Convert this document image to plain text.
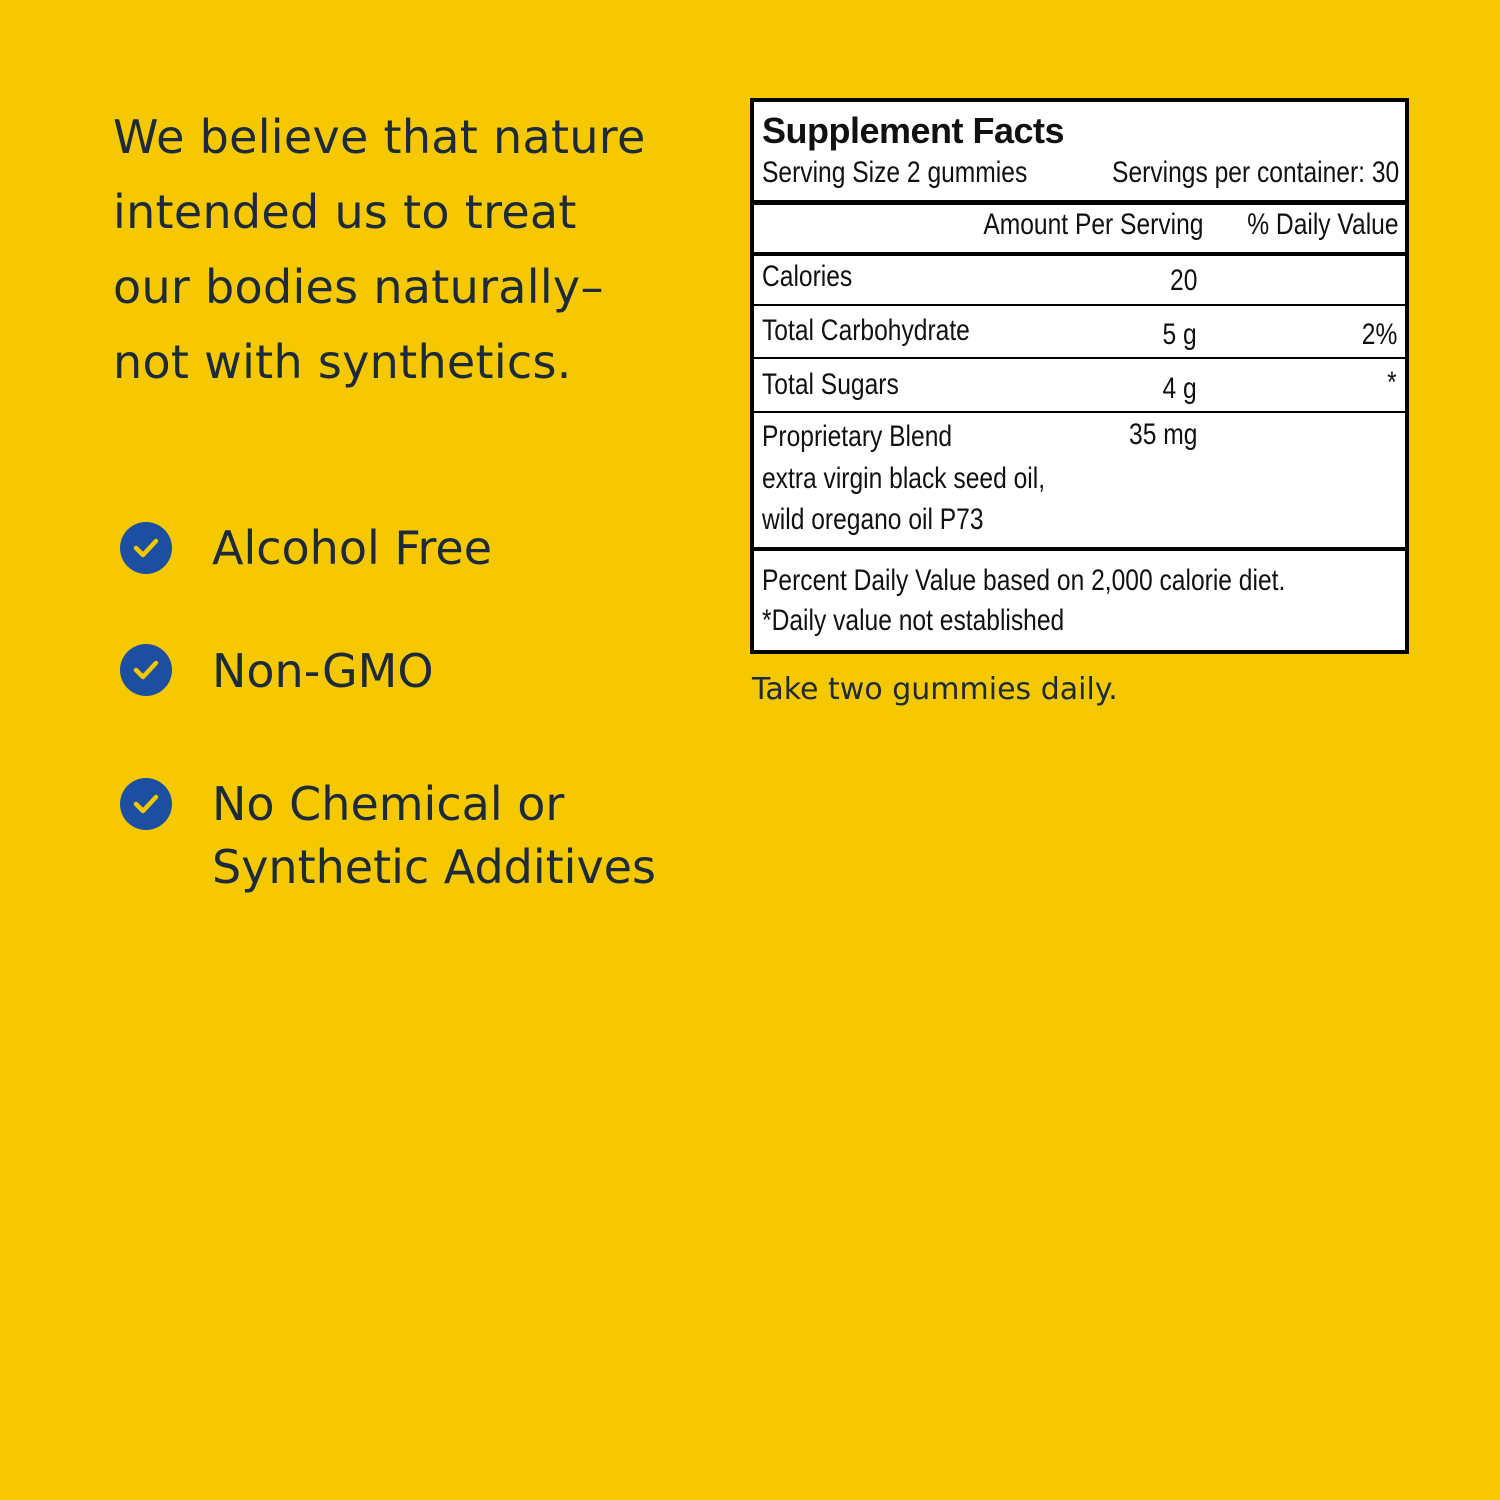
We believe that nature
intended us to treat
our bodies naturally–
not with synthetics.
Alcohol Free
Non-GMO
No Chemical or
Synthetic Additives
Supplement Facts
Serving Size 2 gummies	Servings per container: 30
Amount Per Serving % Daily Value
Calories	20
Total Carbohydrate	5 g	2%
Total Sugars	4 g	*
Proprietary Blend	35 mg
extra virgin black seed oil,
wild oregano oil P73
Percent Daily Value based on 2,000 calorie diet.
*Daily value not established
Take two gummies daily.
